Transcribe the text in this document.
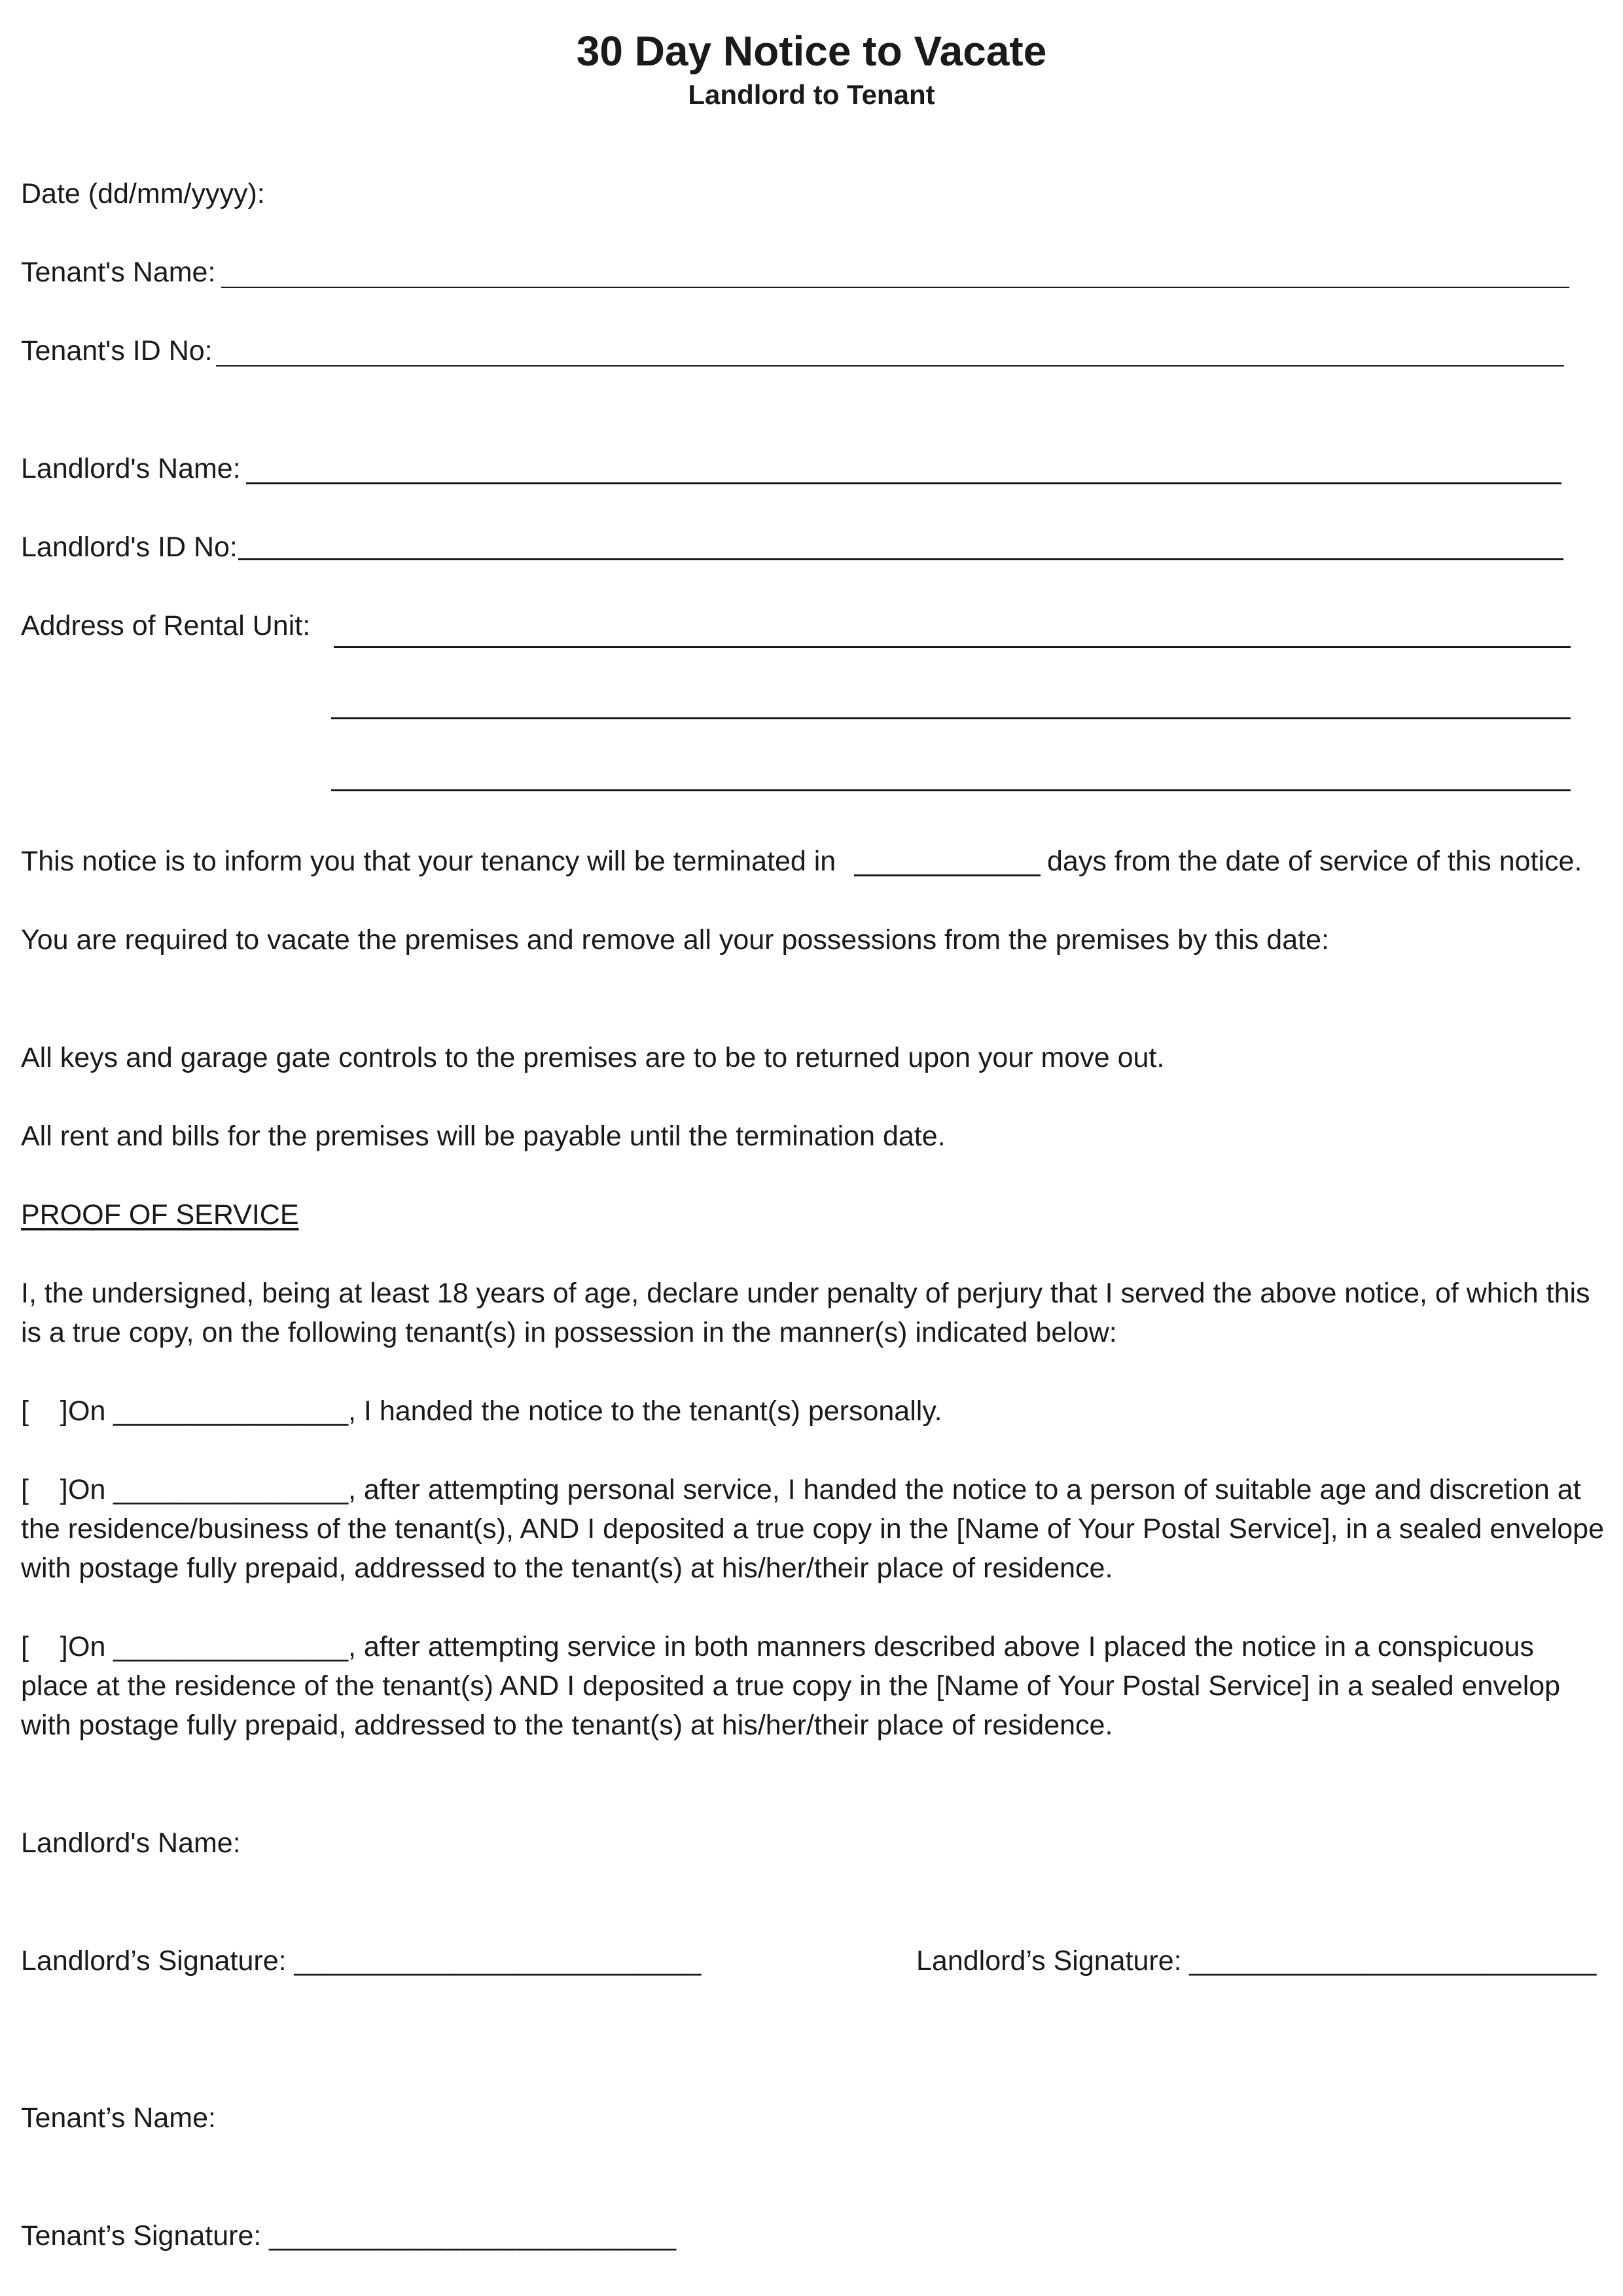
30 Day Notice to Vacate
Landlord to Tenant
Date (dd/mm/yyyy):
Tenant's Name:
Tenant's ID No:
Landlord's Name:
Landlord's ID No:
Address of Rental Unit:
This notice is to inform you that your tenancy will be terminated in	days from the date of service of this notice.
You are required to vacate the premises and remove all your possessions from the premises by this date:
All keys and garage gate controls to the premises are to be to returned upon your move out.
All rent and bills for the premises will be payable until the termination date.
PROOF OF SERVICE
I, the undersigned, being at least 18 years of age, declare under penalty of perjury that I served the above notice, of which this is a true copy, on the following tenant(s) in possession in the manner(s) indicated below:
[    ]On _______________, I handed the notice to the tenant(s) personally.
[    ]On _______________, after attempting personal service, I handed the notice to a person of suitable age and discretion at the residence/business of the tenant(s), AND I deposited a true copy in the [Name of Your Postal Service], in a sealed envelope with postage fully prepaid, addressed to the tenant(s) at his/her/their place of residence.
[    ]On _______________, after attempting service in both manners described above I placed the notice in a conspicuous place at the residence of the tenant(s) AND I deposited a true copy in the [Name of Your Postal Service] in a sealed envelop with postage fully prepaid, addressed to the tenant(s) at his/her/their place of residence.
Landlord's Name:
Landlord’s Signature: __________________________	Landlord’s Signature: __________________________
Tenant’s Name:
Tenant’s Signature: __________________________
